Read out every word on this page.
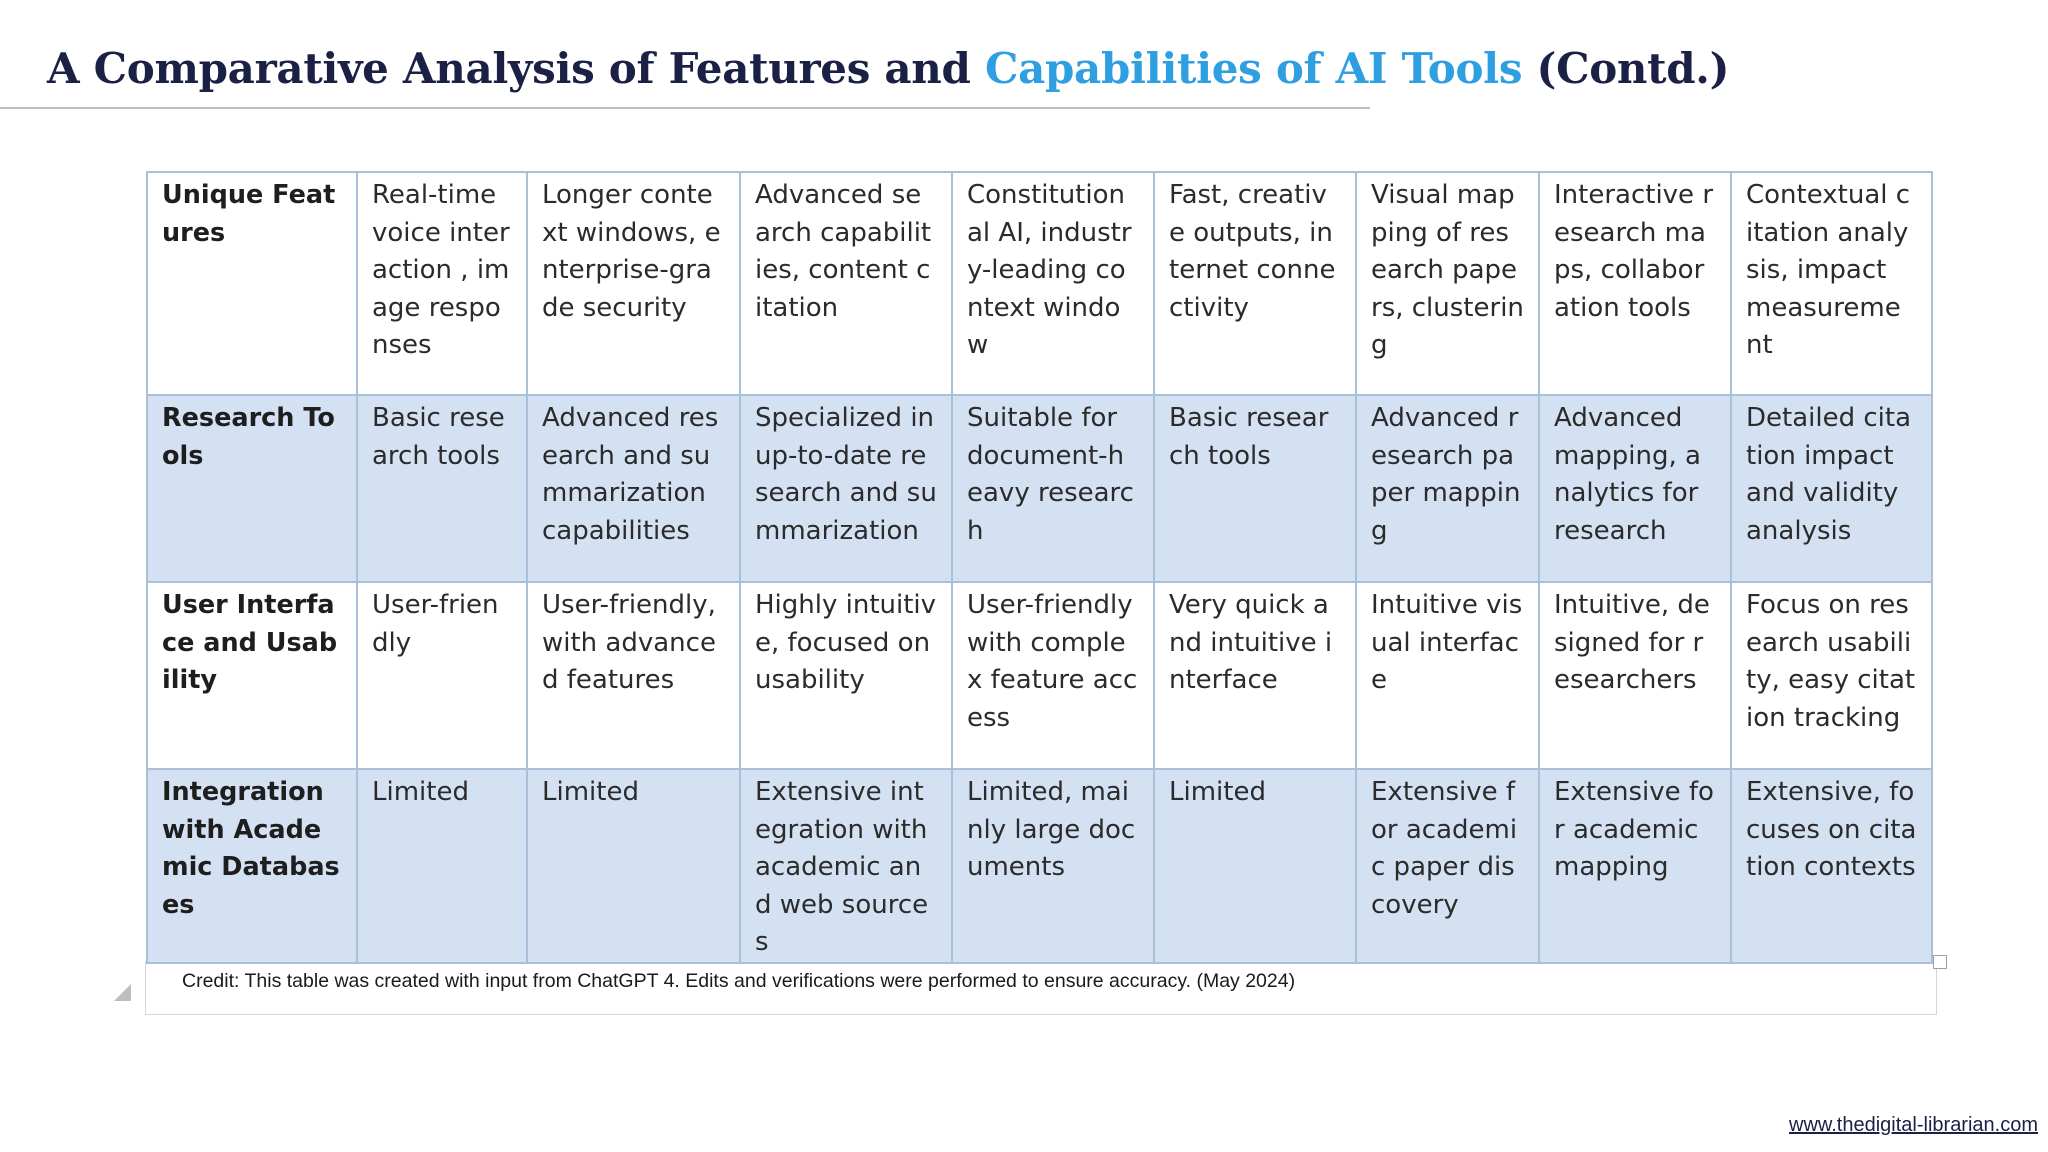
A Comparative Analysis of Features and Capabilities of AI Tools (Contd.)
Unique Features	Real-time voice interaction , image responses	Longer context windows, enterprise-grade security	Advanced search capabilities, content citation	Constitutional AI, industry-leading context window	Fast, creative outputs, internet connectivity	Visual mapping of research papers, clustering	Interactive research maps, collaboration tools	Contextual citation analysis, impact measurement
Research Tools	Basic research tools	Advanced research and summarization capabilities	Specialized in up-to-date research and summarization	Suitable for document-heavy research	Basic research tools	Advanced research paper mapping	Advanced mapping, analytics for research	Detailed citation impact and validity analysis
User Interface and Usability	User-friendly	User-friendly, with advanced features	Highly intuitive, focused on usability	User-friendly with complex feature access	Very quick and intuitive interface	Intuitive visual interface	Intuitive, designed for researchers	Focus on research usability, easy citation tracking
Integration with Academic Databases	Limited	Limited	Extensive integration with academic and web sources	Limited, mainly large documents	Limited	Extensive for academic paper discovery	Extensive for academic mapping	Extensive, focuses on citation contexts
Credit: This table was created with input from ChatGPT 4. Edits and verifications were performed to ensure accuracy. (May 2024)
www.thedigital-librarian.com
